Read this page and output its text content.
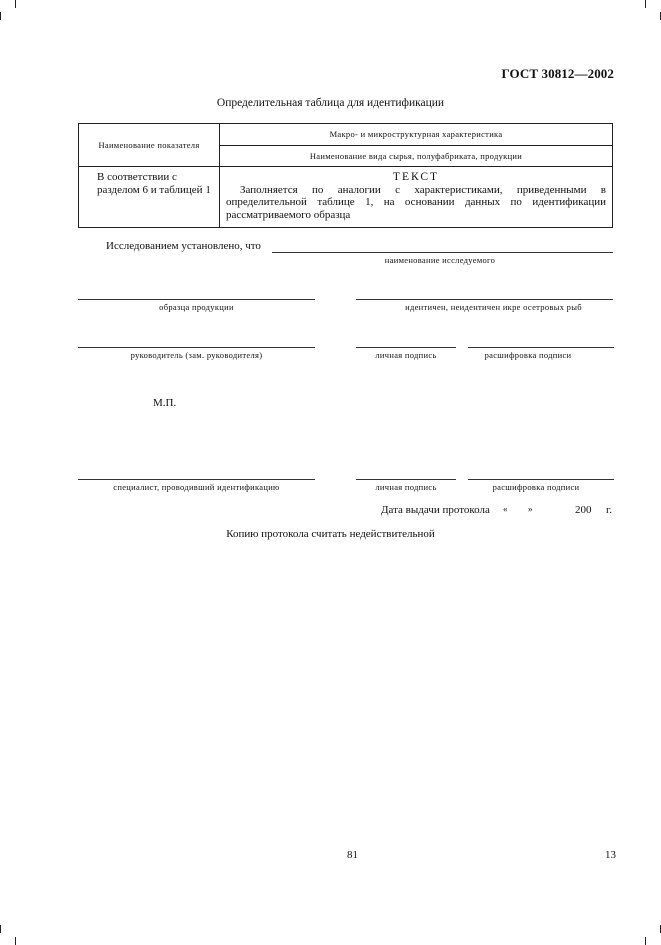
ГОСТ 30812—2002
Определительная таблица для идентификации
Наименование показателя	Макро- и микроструктурная характеристика
	Наименование вида сырья, полуфабриката, продукции
В соответствии с разделом 6 и таблицей 1	ТЕКСТ
Заполняется по аналогии с характеристиками, приведенными в определительной таблице 1, на основании данных по идентификации рассматриваемого образца
Исследованием установлено, что
наименование исследуемого
образца продукции	идентичен, неидентичен икре осетровых рыб
руководитель (зам. руководителя)	личная подпись	расшифровка подписи
М.П.
специалист, проводивший идентификацию	личная подпись	расшифровка подписи
Дата выдачи протокола « »	200 г.
Копию протокола считать недействительной
81	13
